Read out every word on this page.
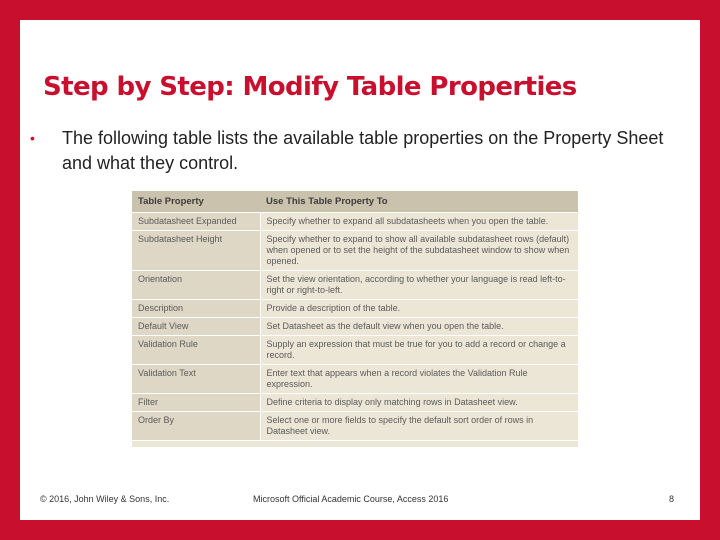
Step by Step: Modify Table Properties
•	The following table lists the available table properties on the Property Sheet and what they control.
Table Property	Use This Table Property To
Subdatasheet Expanded	Specify whether to expand all subdatasheets when you open the table.
Subdatasheet Height	Specify whether to expand to show all available subdatasheet rows (default) when opened or to set the height of the subdatasheet window to show when opened.
Orientation	Set the view orientation, according to whether your language is read left-to-right or right-to-left.
Description	Provide a description of the table.
Default View	Set Datasheet as the default view when you open the table.
Validation Rule	Supply an expression that must be true for you to add a record or change a record.
Validation Text	Enter text that appears when a record violates the Validation Rule expression.
Filter	Define criteria to display only matching rows in Datasheet view.
Order By	Select one or more fields to specify the default sort order of rows in Datasheet view.
© 2016, John Wiley & Sons, Inc.	Microsoft Official Academic Course, Access 2016	8
